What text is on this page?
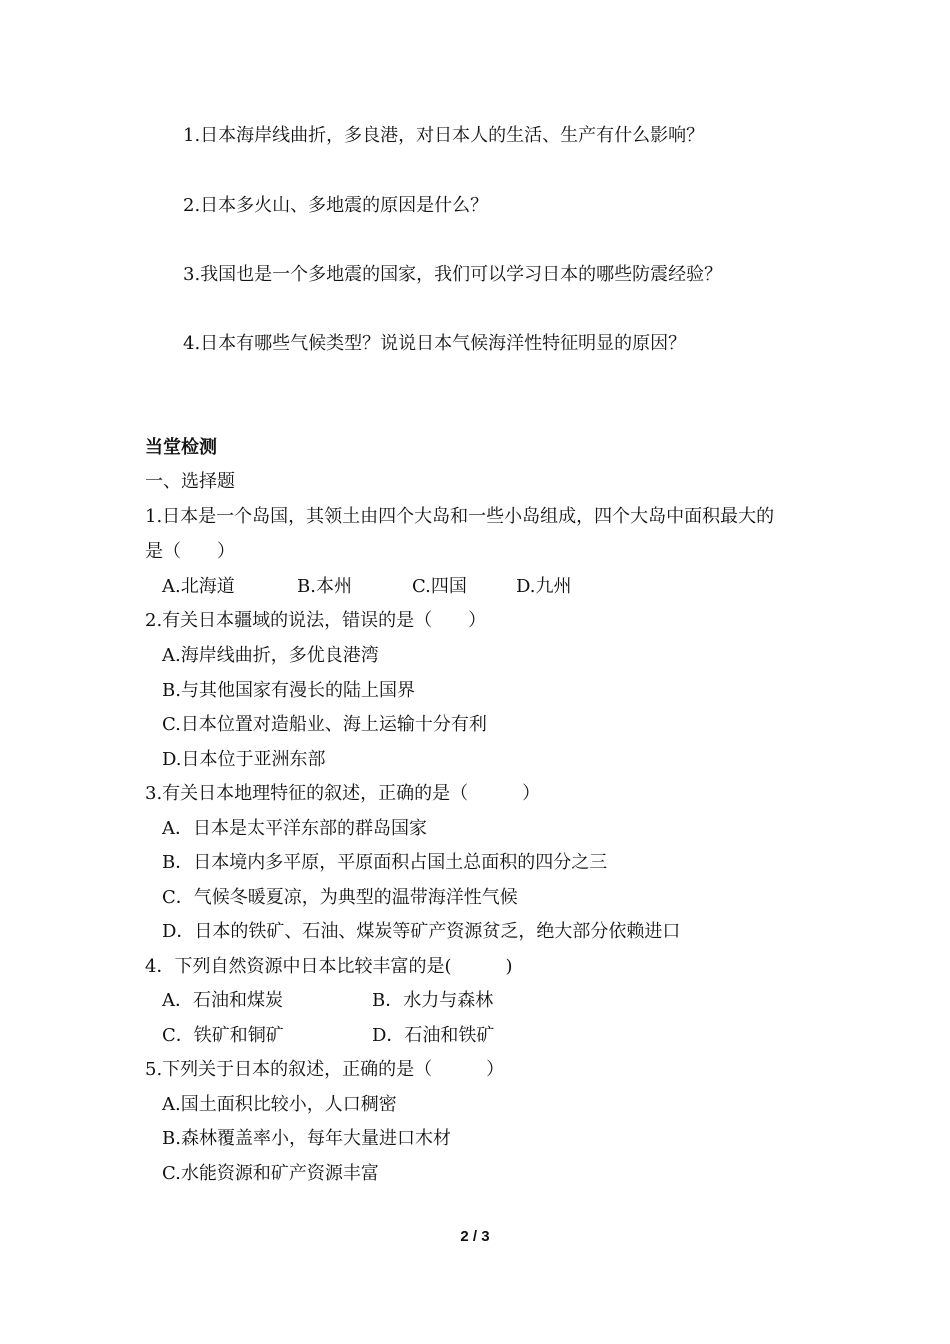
1.日本海岸线曲折，多良港，对日本人的生活、生产有什么影响？
2.日本多火山、多地震的原因是什么？
3.我国也是一个多地震的国家，我们可以学习日本的哪些防震经验？
4.日本有哪些气候类型？说说日本气候海洋性特征明显的原因？
当堂检测
一、选择题
1.日本是一个岛国，其领土由四个大岛和一些小岛组成，四个大岛中面积最大的
是（　　）
A.北海道	B.本州	C.四国	D.九州
2.有关日本疆域的说法，错误的是（　　）
A.海岸线曲折，多优良港湾
B.与其他国家有漫长的陆上国界
C.日本位置对造船业、海上运输十分有利
D.日本位于亚洲东部
3.有关日本地理特征的叙述，正确的是（　　　）
A．日本是太平洋东部的群岛国家
B．日本境内多平原，平原面积占国土总面积的四分之三
C．气候冬暖夏凉，为典型的温带海洋性气候
D．日本的铁矿、石油、煤炭等矿产资源贫乏，绝大部分依赖进口
4．下列自然资源中日本比较丰富的是(　　　)
A．石油和煤炭	B．水力与森林
C．铁矿和铜矿	D．石油和铁矿
5.下列关于日本的叙述，正确的是（　　　）
A.国土面积比较小，人口稠密
B.森林覆盖率小，每年大量进口木材
C.水能资源和矿产资源丰富
2 / 3
